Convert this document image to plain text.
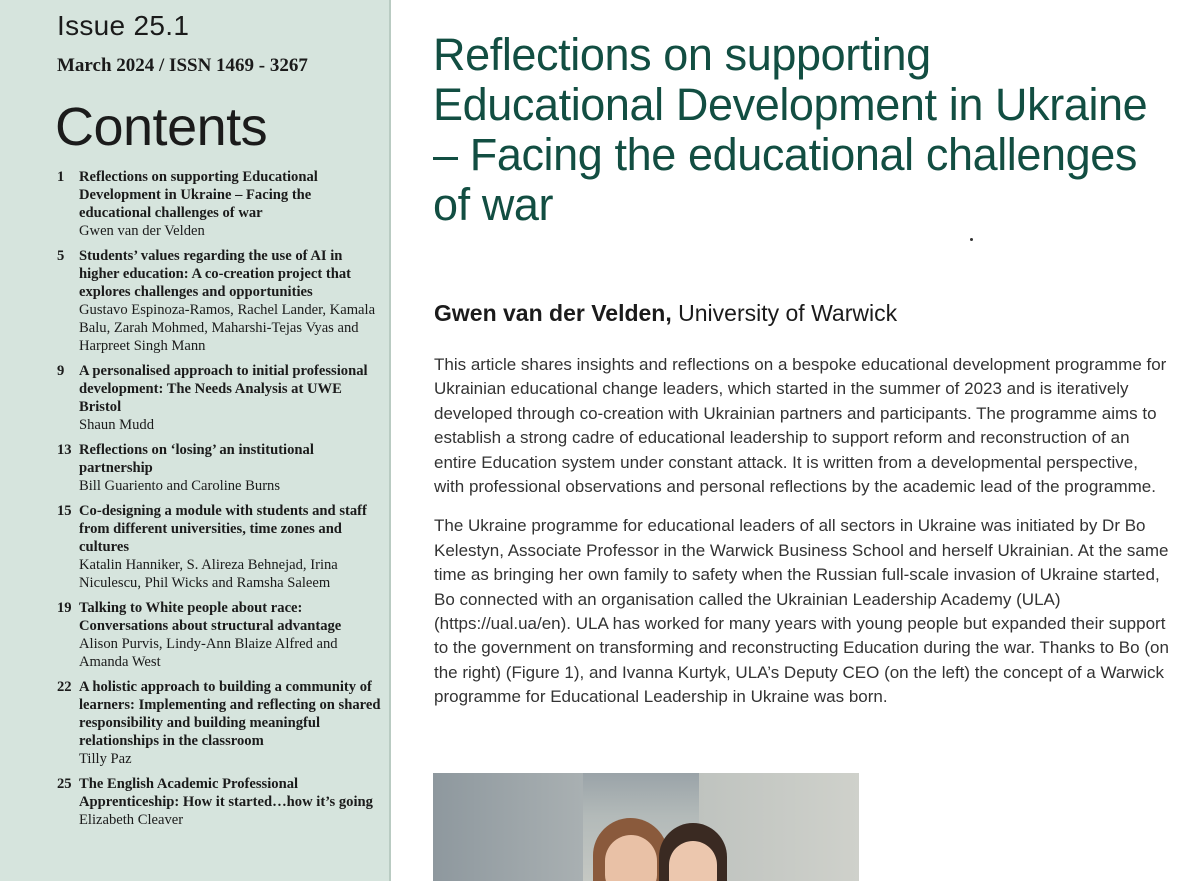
Issue 25.1
March 2024 / ISSN 1469 - 3267
Contents
1 Reflections on supporting Educational Development in Ukraine – Facing the educational challenges of war
Gwen van der Velden
5 Students’ values regarding the use of AI in higher education: A co-creation project that explores challenges and opportunities
Gustavo Espinoza-Ramos, Rachel Lander, Kamala Balu, Zarah Mohmed, Maharshi-Tejas Vyas and Harpreet Singh Mann
9 A personalised approach to initial professional development: The Needs Analysis at UWE Bristol
Shaun Mudd
13 Reflections on ‘losing’ an institutional partnership
Bill Guariento and Caroline Burns
15 Co-designing a module with students and staff from different universities, time zones and cultures
Katalin Hanniker, S. Alireza Behnejad, Irina Niculescu, Phil Wicks and Ramsha Saleem
19 Talking to White people about race: Conversations about structural advantage
Alison Purvis, Lindy-Ann Blaize Alfred and Amanda West
22 A holistic approach to building a community of learners: Implementing and reflecting on shared responsibility and building meaningful relationships in the classroom
Tilly Paz
25 The English Academic Professional Apprenticeship: How it started…how it’s going
Elizabeth Cleaver
Reflections on supporting Educational Development in Ukraine – Facing the educational challenges of war
Gwen van der Velden, University of Warwick

This article shares insights and reflections on a bespoke educational development programme for Ukrainian educational change leaders, which started in the summer of 2023 and is iteratively developed through co-creation with Ukrainian partners and participants. The programme aims to establish a strong cadre of educational leadership to support reform and reconstruction of an entire Education system under constant attack. It is written from a developmental perspective, with professional observations and personal reflections by the academic lead of the programme.

The Ukraine programme for educational leaders of all sectors in Ukraine was initiated by Dr Bo Kelestyn, Associate Professor in the Warwick Business School and herself Ukrainian. At the same time as bringing her own family to safety when the Russian full-scale invasion of Ukraine started, Bo connected with an organisation called the Ukrainian Leadership Academy (ULA) (https://ual.ua/en). ULA has worked for many years with young people but expanded their support to the government on transforming and reconstructing Education during the war. Thanks to Bo (on the right) (Figure 1), and Ivanna Kurtyk, ULA’s Deputy CEO (on the left) the concept of a Warwick programme for Educational Leadership in Ukraine was born.
